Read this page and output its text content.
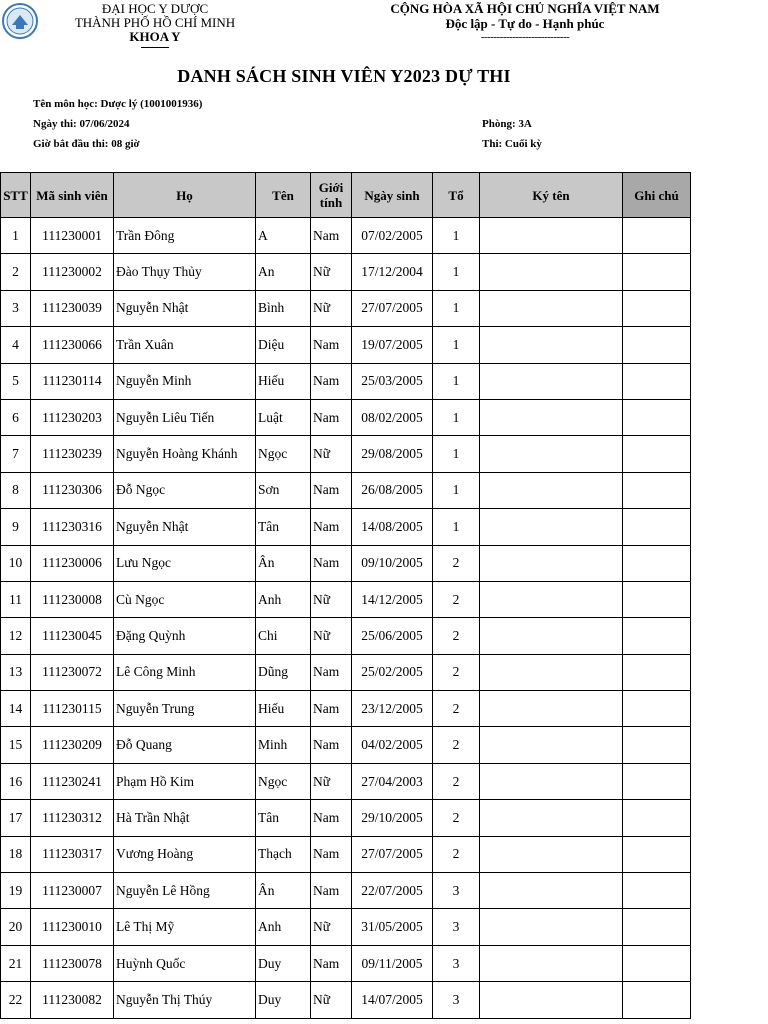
ĐẠI HỌC Y DƯỢC
THÀNH PHỐ HỒ CHÍ MINH
KHOA Y
CỘNG HÒA XÃ HỘI CHỦ NGHĨA VIỆT NAM
Độc lập - Tự do - Hạnh phúc
----------------------------
DANH SÁCH SINH VIÊN Y2023 DỰ THI
Tên môn học: Dược lý (1001001936)
Ngày thi: 07/06/2024
Giờ bắt đầu thi: 08 giờ
Phòng: 3A
Thi: Cuối kỳ
STT	Mã sinh viên	Họ	Tên	Giới tính	Ngày sinh	Tổ	Ký tên	Ghi chú
1	111230001	Trần Đông	A	Nam	07/02/2005	1		
2	111230002	Đào Thụy Thủy	An	Nữ	17/12/2004	1		
3	111230039	Nguyễn Nhật	Bình	Nữ	27/07/2005	1		
4	111230066	Trần Xuân	Diệu	Nam	19/07/2005	1		
5	111230114	Nguyễn Minh	Hiếu	Nam	25/03/2005	1		
6	111230203	Nguyễn Liêu Tiến	Luật	Nam	08/02/2005	1		
7	111230239	Nguyễn Hoàng Khánh	Ngọc	Nữ	29/08/2005	1		
8	111230306	Đỗ Ngọc	Sơn	Nam	26/08/2005	1		
9	111230316	Nguyễn Nhật	Tân	Nam	14/08/2005	1		
10	111230006	Lưu Ngọc	Ân	Nam	09/10/2005	2		
11	111230008	Cù Ngọc	Anh	Nữ	14/12/2005	2		
12	111230045	Đặng Quỳnh	Chi	Nữ	25/06/2005	2		
13	111230072	Lê Công Minh	Dũng	Nam	25/02/2005	2		
14	111230115	Nguyễn Trung	Hiếu	Nam	23/12/2005	2		
15	111230209	Đỗ Quang	Minh	Nam	04/02/2005	2		
16	111230241	Phạm Hồ Kim	Ngọc	Nữ	27/04/2003	2		
17	111230312	Hà Trần Nhật	Tân	Nam	29/10/2005	2		
18	111230317	Vương Hoàng	Thạch	Nam	27/07/2005	2		
19	111230007	Nguyễn Lê Hồng	Ân	Nam	22/07/2005	3		
20	111230010	Lê Thị Mỹ	Anh	Nữ	31/05/2005	3		
21	111230078	Huỳnh Quốc	Duy	Nam	09/11/2005	3		
22	111230082	Nguyễn Thị Thúy	Duy	Nữ	14/07/2005	3		
